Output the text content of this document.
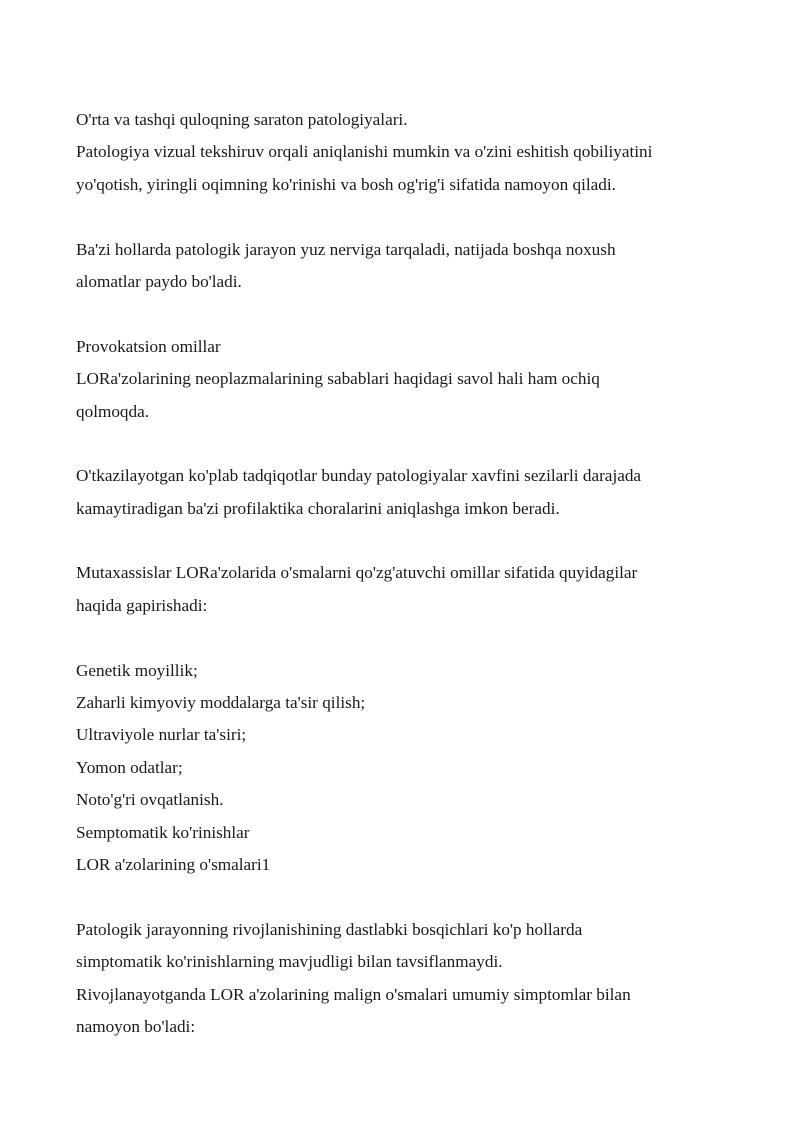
O'rta va tashqi quloqning saraton patologiyalari.
Patologiya vizual tekshiruv orqali aniqlanishi mumkin va o'zini eshitish qobiliyatini
yo'qotish, yiringli oqimning ko'rinishi va bosh og'rig'i sifatida namoyon qiladi.
Ba'zi hollarda patologik jarayon yuz nerviga tarqaladi, natijada boshqa noxush
alomatlar paydo bo'ladi.
Provokatsion omillar
LORa'zolarining neoplazmalarining sabablari haqidagi savol hali ham ochiq
qolmoqda.
O'tkazilayotgan ko'plab tadqiqotlar bunday patologiyalar xavfini sezilarli darajada
kamaytiradigan ba'zi profilaktika choralarini aniqlashga imkon beradi.
Mutaxassislar LORa'zolarida o'smalarni qo'zg'atuvchi omillar sifatida quyidagilar
haqida gapirishadi:
Genetik moyillik;
Zaharli kimyoviy moddalarga ta'sir qilish;
Ultraviyole nurlar ta'siri;
Yomon odatlar;
Noto'g'ri ovqatlanish.
Semptomatik ko'rinishlar
LOR a'zolarining o'smalari1
Patologik jarayonning rivojlanishining dastlabki bosqichlari ko'p hollarda
simptomatik ko'rinishlarning mavjudligi bilan tavsiflanmaydi.
Rivojlanayotganda LOR a'zolarining malign o'smalari umumiy simptomlar bilan
namoyon bo'ladi:
